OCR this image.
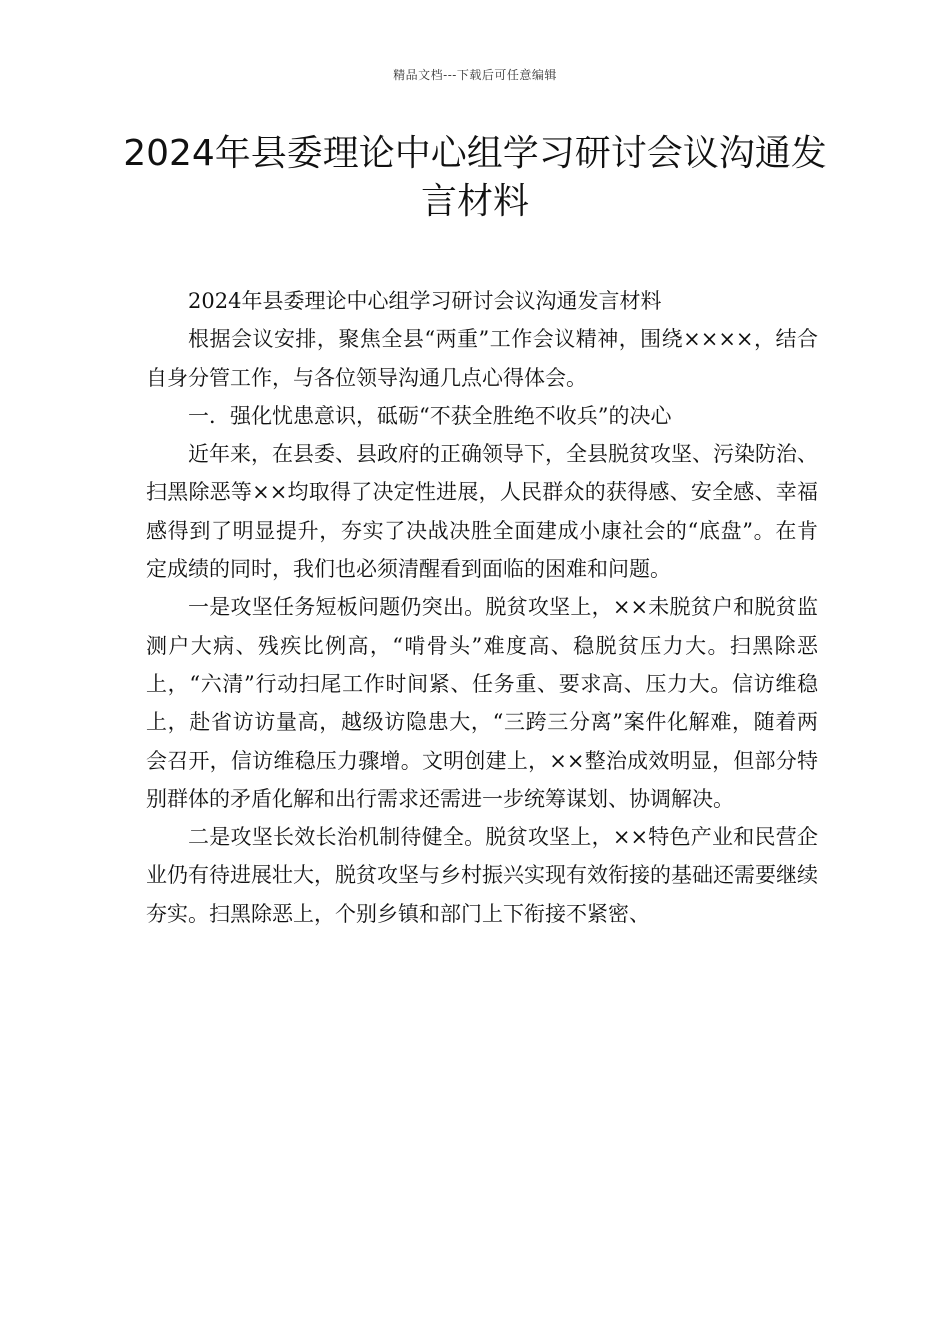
精品文档---下载后可任意编辑
2024年县委理论中心组学习研讨会议沟通发言材料

2024年县委理论中心组学习研讨会议沟通发言材料

根据会议安排，聚焦全县“两重”工作会议精神，围绕××××，结合自身分管工作，与各位领导沟通几点心得体会。

一．强化忧患意识，砥砺“不获全胜绝不收兵”的决心

近年来，在县委、县政府的正确领导下，全县脱贫攻坚、污染防治、扫黑除恶等××均取得了决定性进展，人民群众的获得感、安全感、幸福感得到了明显提升，夯实了决战决胜全面建成小康社会的“底盘”。在肯定成绩的同时，我们也必须清醒看到面临的困难和问题。

一是攻坚任务短板问题仍突出。脱贫攻坚上，××未脱贫户和脱贫监测户大病、残疾比例高，“啃骨头”难度高、稳脱贫压力大。扫黑除恶上，“六清”行动扫尾工作时间紧、任务重、要求高、压力大。信访维稳上，赴省访访量高，越级访隐患大，“三跨三分离”案件化解难，随着两会召开，信访维稳压力骤增。文明创建上，××整治成效明显，但部分特别群体的矛盾化解和出行需求还需进一步统筹谋划、协调解决。

二是攻坚长效长治机制待健全。脱贫攻坚上，××特色产业和民营企业仍有待进展壮大，脱贫攻坚与乡村振兴实现有效衔接的基础还需要继续夯实。扫黑除恶上，个别乡镇和部门上下衔接不紧密、
